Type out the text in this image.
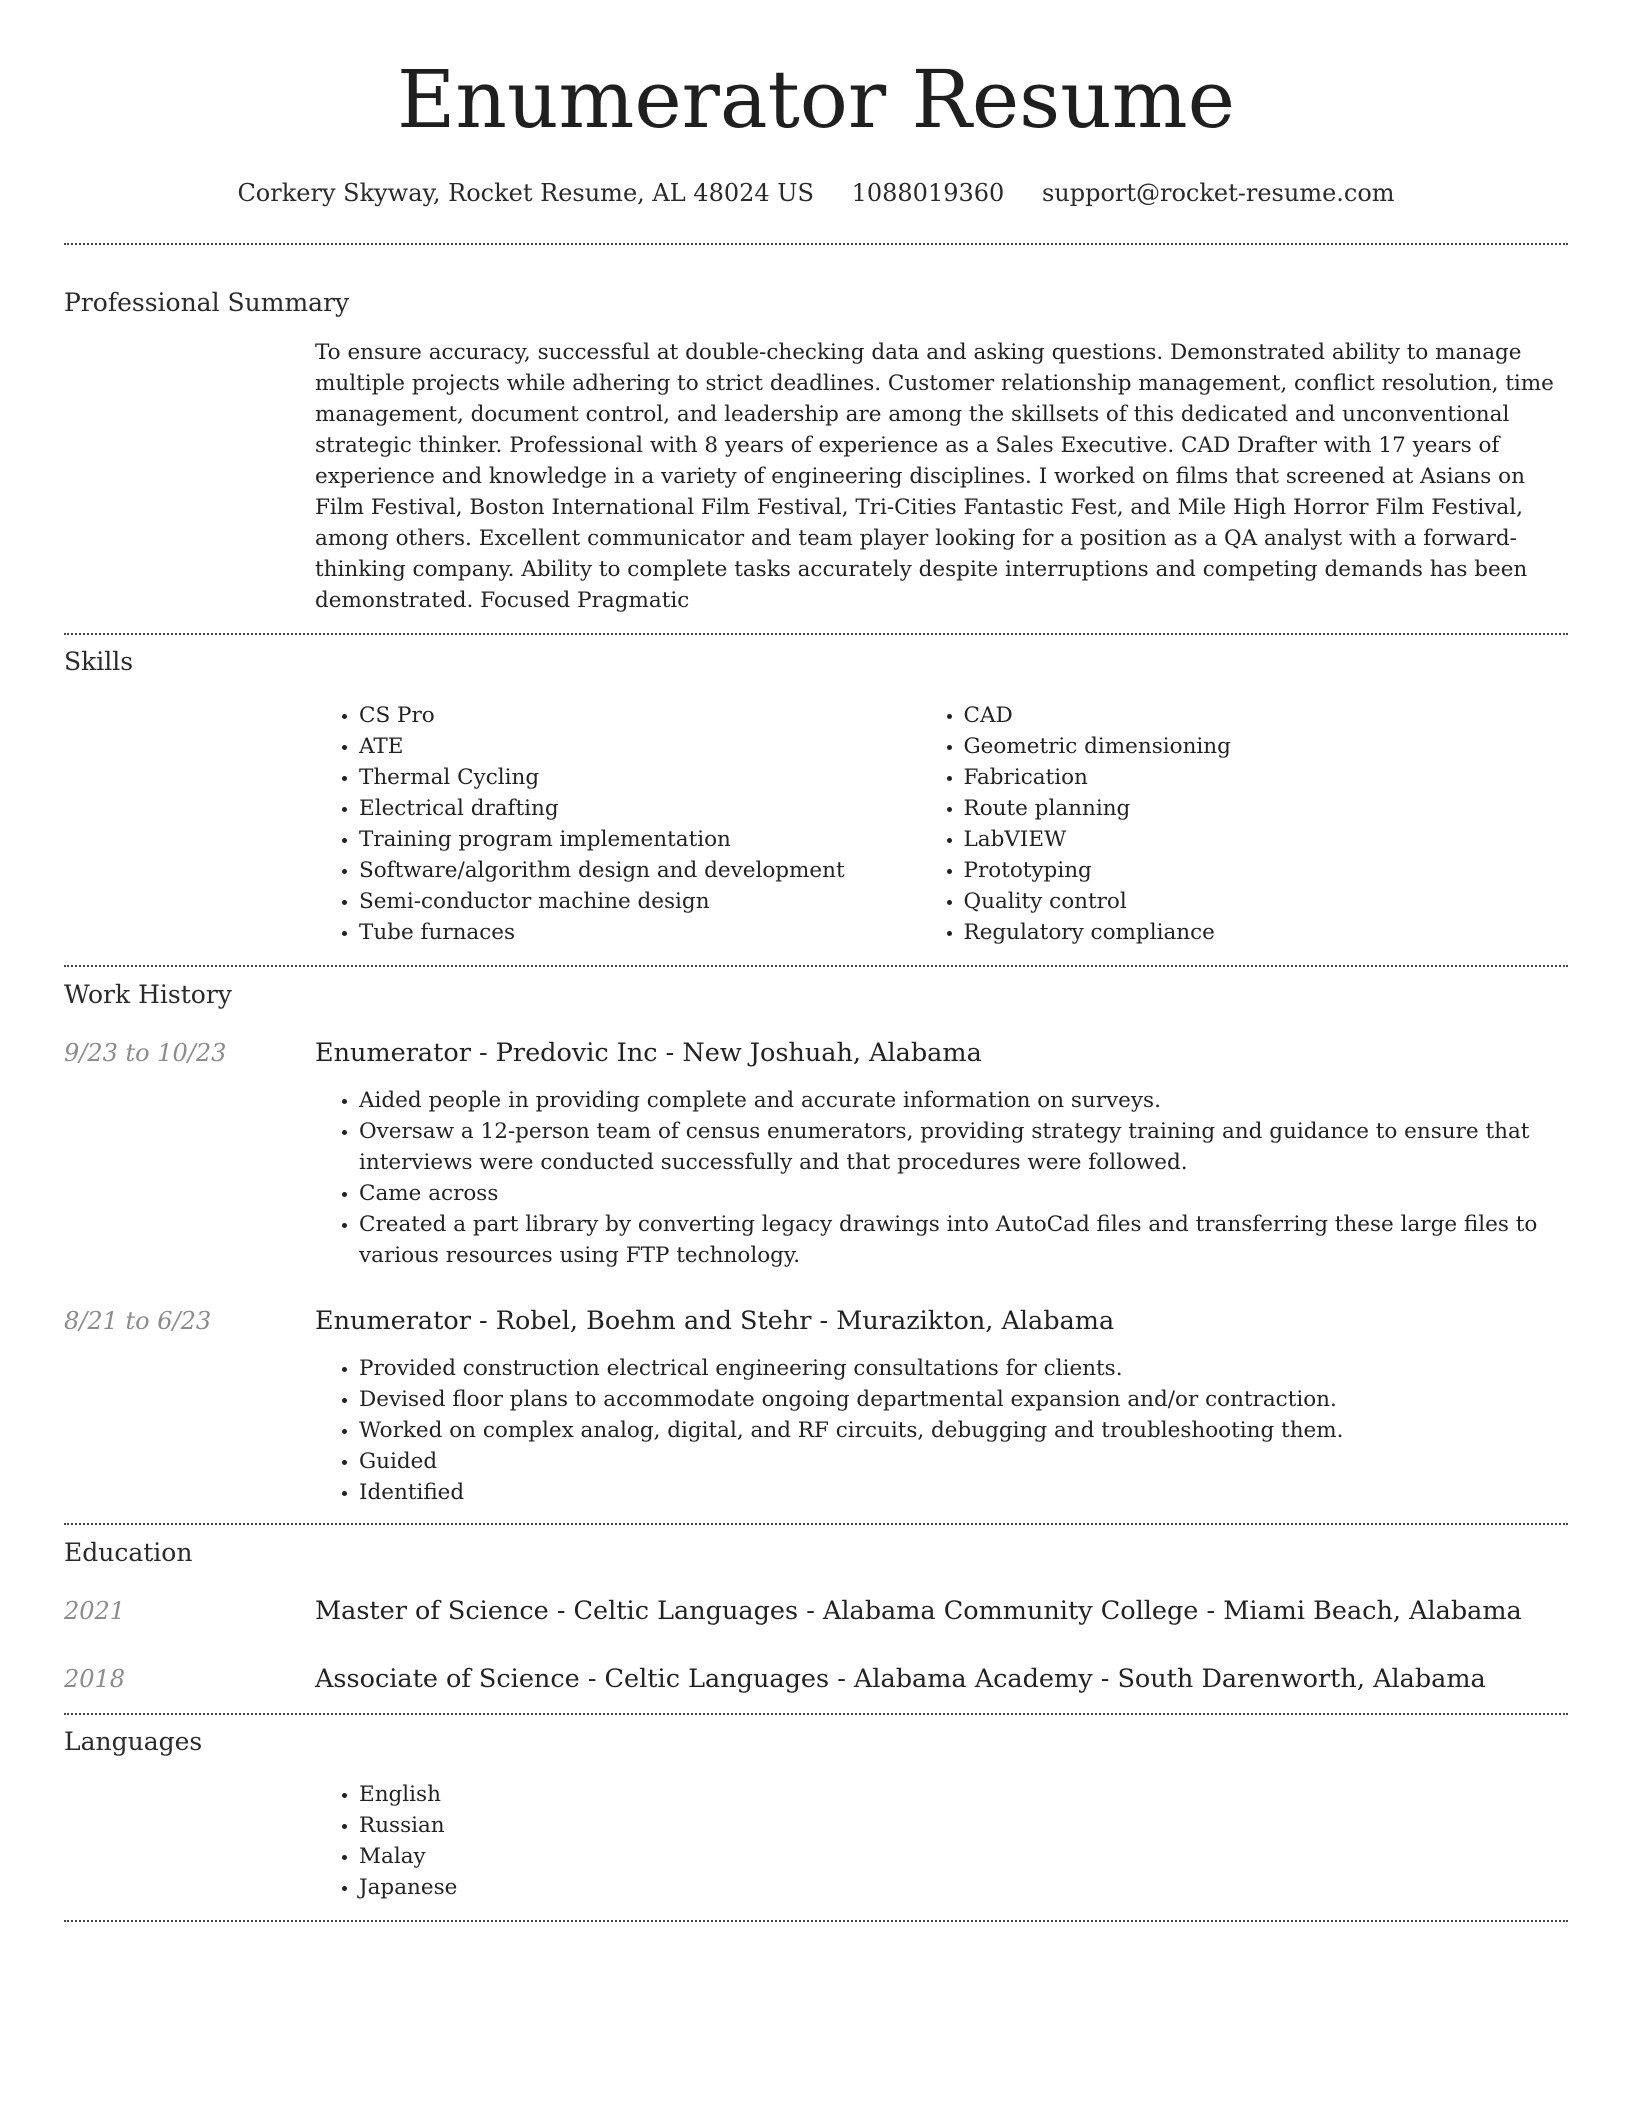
Enumerator Resume
Corkery Skyway, Rocket Resume, AL 48024 US 1088019360 support@rocket-resume.com
Professional Summary

To ensure accuracy, successful at double-checking data and asking questions. Demonstrated ability to manage multiple projects while adhering to strict deadlines. Customer relationship management, conflict resolution, time management, document control, and leadership are among the skillsets of this dedicated and unconventional strategic thinker. Professional with 8 years of experience as a Sales Executive. CAD Drafter with 17 years of experience and knowledge in a variety of engineering disciplines. I worked on films that screened at Asians on Film Festival, Boston International Film Festival, Tri-Cities Fantastic Fest, and Mile High Horror Film Festival, among others. Excellent communicator and team player looking for a position as a QA analyst with a forward-thinking company. Ability to complete tasks accurately despite interruptions and competing demands has been demonstrated. Focused Pragmatic

Skills
• CS Pro
• ATE
• Thermal Cycling
• Electrical drafting
• Training program implementation
• Software/algorithm design and development
• Semi-conductor machine design
• Tube furnaces
• CAD
• Geometric dimensioning
• Fabrication
• Route planning
• LabVIEW
• Prototyping
• Quality control
• Regulatory compliance
Work History
9/23 to 10/23	Enumerator - Predovic Inc - New Joshuah, Alabama
• Aided people in providing complete and accurate information on surveys.
• Oversaw a 12-person team of census enumerators, providing strategy training and guidance to ensure that interviews were conducted successfully and that procedures were followed.
• Came across
• Created a part library by converting legacy drawings into AutoCad files and transferring these large files to various resources using FTP technology.
8/21 to 6/23	Enumerator - Robel, Boehm and Stehr - Murazikton, Alabama
• Provided construction electrical engineering consultations for clients.
• Devised floor plans to accommodate ongoing departmental expansion and/or contraction.
• Worked on complex analog, digital, and RF circuits, debugging and troubleshooting them.
• Guided
• Identified
Education
2021	Master of Science - Celtic Languages - Alabama Community College - Miami Beach, Alabama
2018	Associate of Science - Celtic Languages - Alabama Academy - South Darenworth, Alabama
Languages
• English
• Russian
• Malay
• Japanese
